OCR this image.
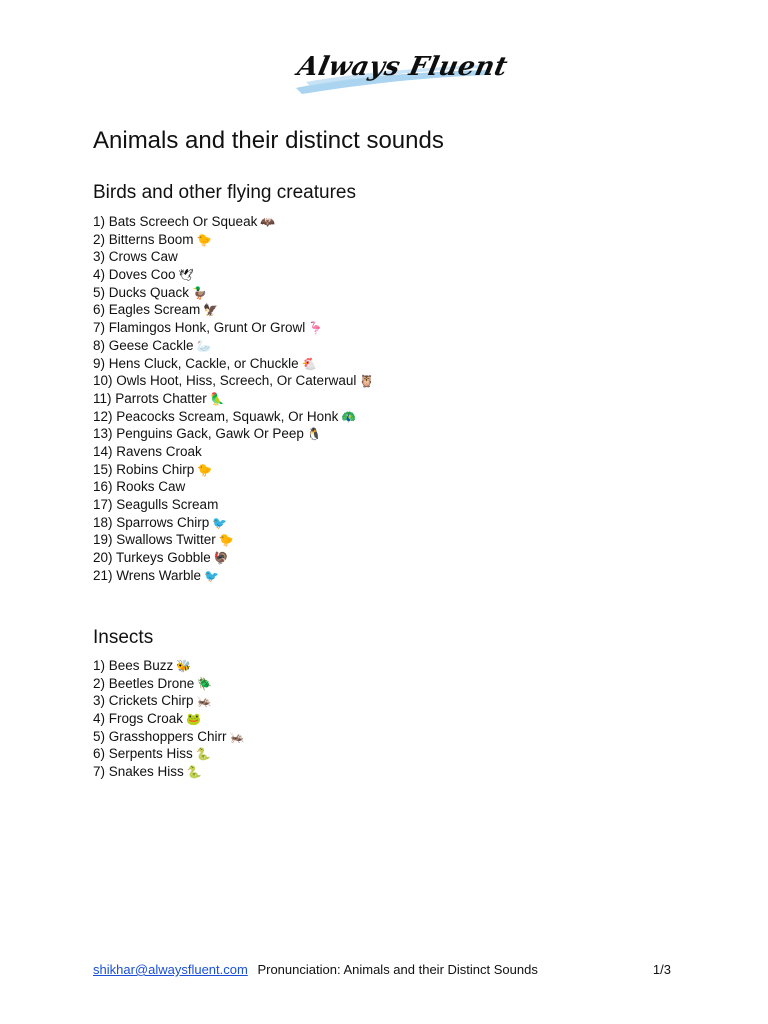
Always Fluent
Animals and their distinct sounds
Birds and other flying creatures
1) Bats Screech Or Squeak 🦇
2) Bitterns Boom 🐤
3) Crows Caw
4) Doves Coo 🕊
5) Ducks Quack 🦆
6) Eagles Scream 🦅
7) Flamingos Honk, Grunt Or Growl 🦩
8) Geese Cackle 🦢
9) Hens Cluck, Cackle, or Chuckle 🐔
10) Owls Hoot, Hiss, Screech, Or Caterwaul 🦉
11) Parrots Chatter 🦜
12) Peacocks Scream, Squawk, Or Honk 🦚
13) Penguins Gack, Gawk Or Peep 🐧
14) Ravens Croak
15) Robins Chirp 🐤
16) Rooks Caw
17) Seagulls Scream
18) Sparrows Chirp 🐦
19) Swallows Twitter 🐤
20) Turkeys Gobble 🦃
21) Wrens Warble 🐦
Insects
1) Bees Buzz 🐝
2) Beetles Drone 🪲
3) Crickets Chirp 🦗
4) Frogs Croak 🐸
5) Grasshoppers Chirr 🦗
6) Serpents Hiss 🐍
7) Snakes Hiss 🐍
shikhar@alwaysfluent.com Pronunciation: Animals and their Distinct Sounds	1/3
